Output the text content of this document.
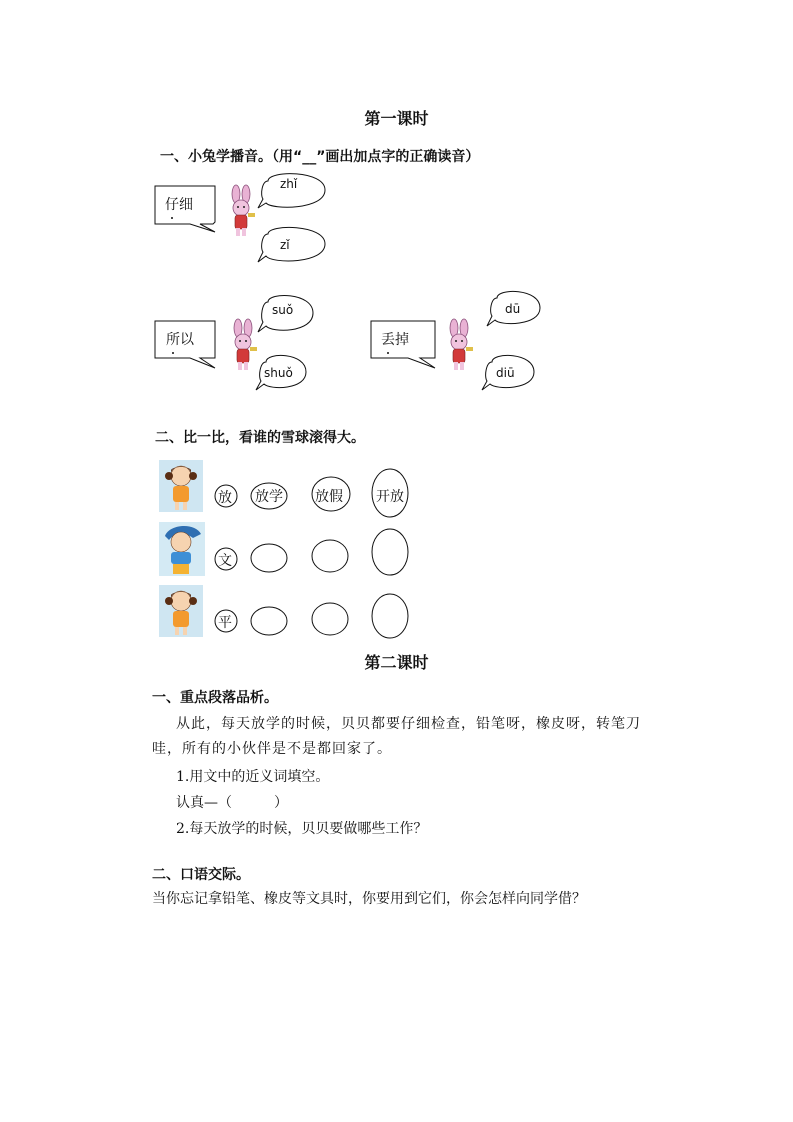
第一课时
一、小兔学播音。（用“__”画出加点字的正确读音）
仔细
zhǐ
zǐ
所以
suǒ
shuǒ
丢掉
dū
diū
二、比一比，看谁的雪球滚得大。
放 放学 放假 开放
文
平
第二课时
一、重点段落品析。
从此，每天放学的时候，贝贝都要仔细检查，铅笔呀，橡皮呀，转笔刀
哇，所有的小伙伴是不是都回家了。
1.用文中的近义词填空。
认真—（　　　）
2.每天放学的时候，贝贝要做哪些工作？
二、口语交际。
当你忘记拿铅笔、橡皮等文具时，你要用到它们，你会怎样向同学借？
